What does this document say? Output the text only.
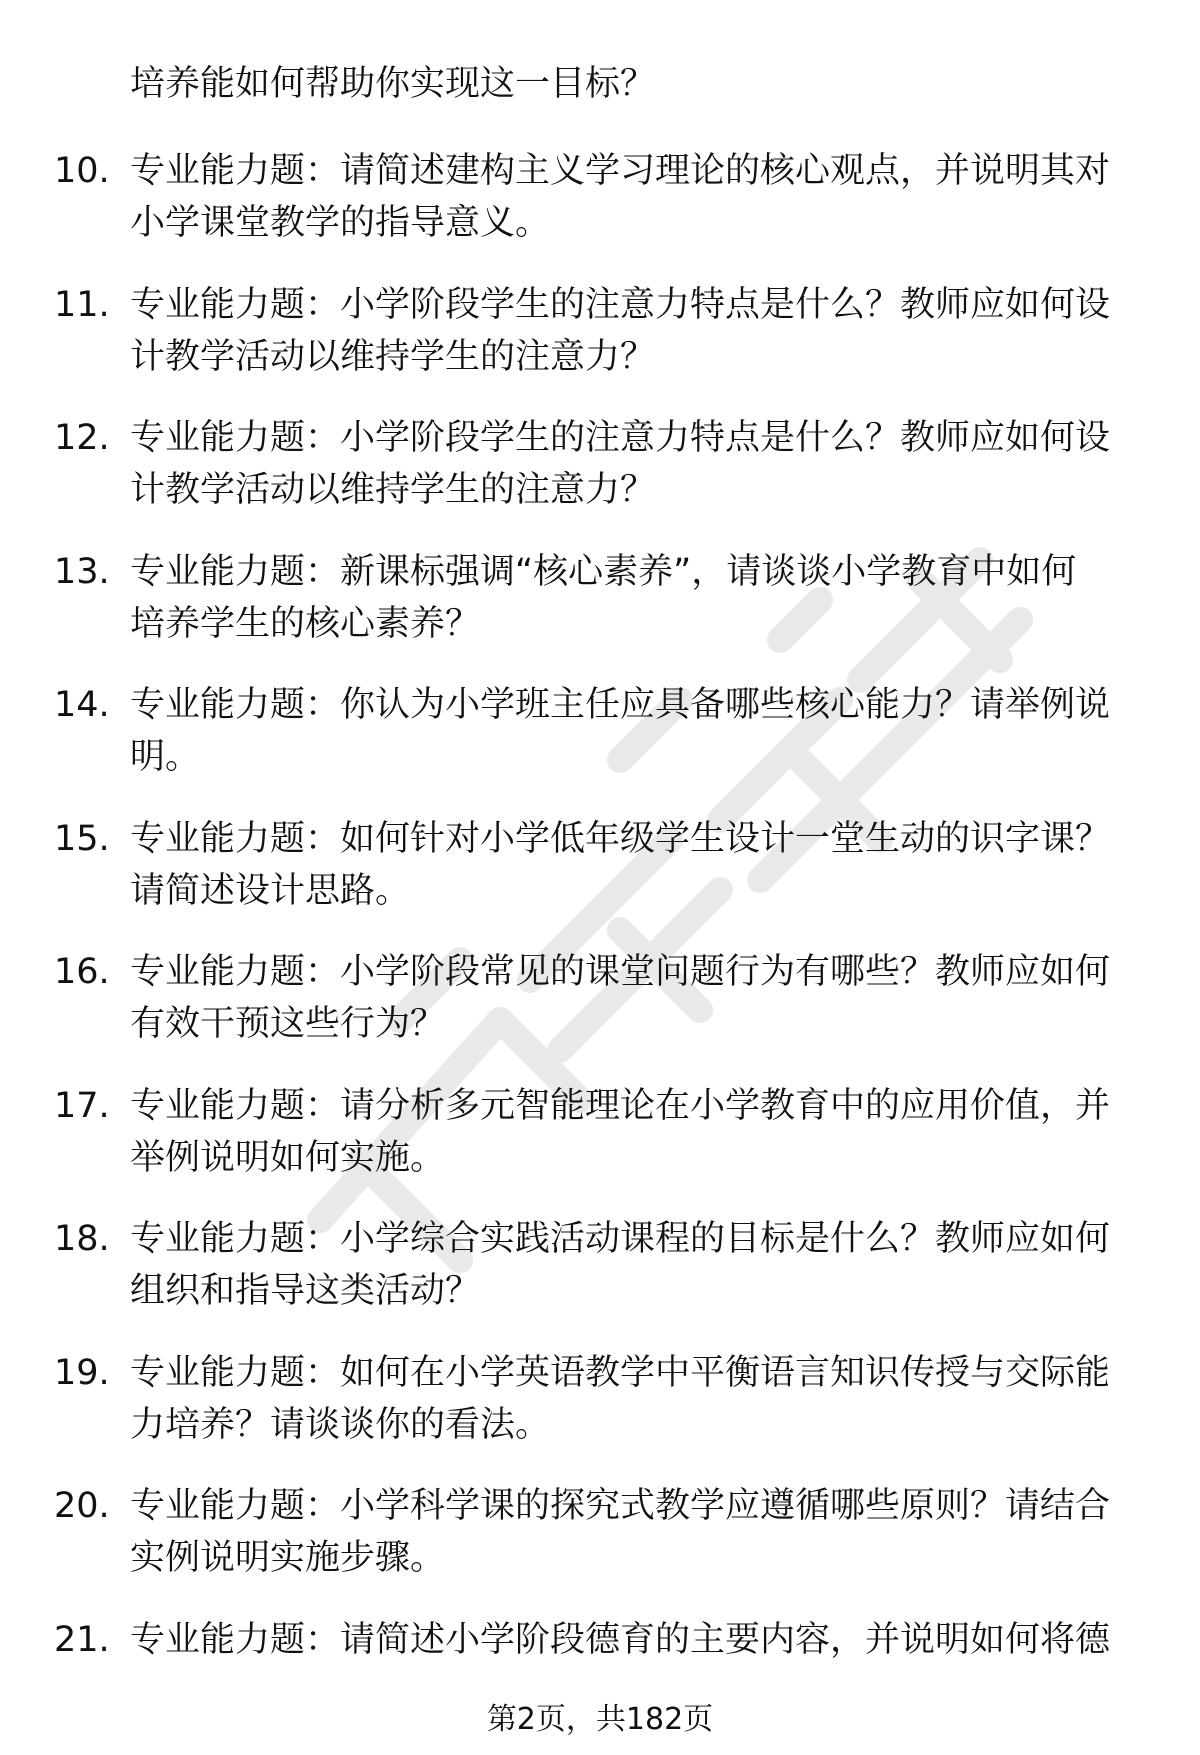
培养能如何帮助你实现这一目标？
10. 专业能力题：请简述建构主义学习理论的核心观点，并说明其对
小学课堂教学的指导意义。
11. 专业能力题：小学阶段学生的注意力特点是什么？教师应如何设
计教学活动以维持学生的注意力？
12. 专业能力题：小学阶段学生的注意力特点是什么？教师应如何设
计教学活动以维持学生的注意力？
13. 专业能力题：新课标强调“核心素养”，请谈谈小学教育中如何
培养学生的核心素养？
14. 专业能力题：你认为小学班主任应具备哪些核心能力？请举例说
明。
15. 专业能力题：如何针对小学低年级学生设计一堂生动的识字课？
请简述设计思路。
16. 专业能力题：小学阶段常见的课堂问题行为有哪些？教师应如何
有效干预这些行为？
17. 专业能力题：请分析多元智能理论在小学教育中的应用价值，并
举例说明如何实施。
18. 专业能力题：小学综合实践活动课程的目标是什么？教师应如何
组织和指导这类活动？
19. 专业能力题：如何在小学英语教学中平衡语言知识传授与交际能
力培养？请谈谈你的看法。
20. 专业能力题：小学科学课的探究式教学应遵循哪些原则？请结合
实例说明实施步骤。
21. 专业能力题：请简述小学阶段德育的主要内容，并说明如何将德
第2页，共182页
